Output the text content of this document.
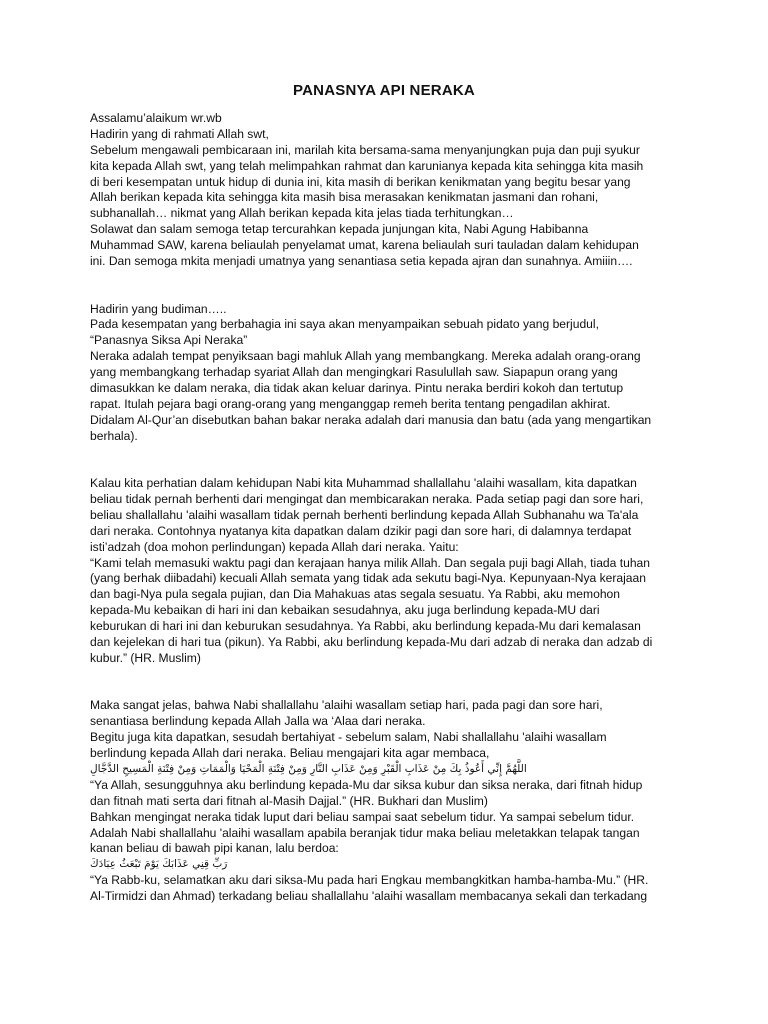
PANASNYA API NERAKA
Assalamu’alaikum wr.wb
Hadirin yang di rahmati Allah swt,
Sebelum mengawali pembicaraan ini, marilah kita bersama-sama menyanjungkan puja dan puji syukur
kita kepada Allah swt, yang telah melimpahkan rahmat dan karunianya kepada kita sehingga kita masih
di beri kesempatan untuk hidup di dunia ini, kita masih di berikan kenikmatan yang begitu besar yang
Allah berikan kepada kita sehingga kita masih bisa merasakan kenikmatan jasmani dan rohani,
subhanallah… nikmat yang Allah berikan kepada kita jelas tiada terhitungkan…
Solawat dan salam semoga tetap tercurahkan kepada junjungan kita, Nabi Agung Habibanna
Muhammad SAW, karena beliaulah penyelamat umat, karena beliaulah suri tauladan dalam kehidupan
ini. Dan semoga mkita menjadi umatnya yang senantiasa setia kepada ajran dan sunahnya. Amiiin….
Hadirin yang budiman…..
Pada kesempatan yang berbahagia ini saya akan menyampaikan sebuah pidato yang berjudul,
“Panasnya Siksa Api Neraka”
Neraka adalah tempat penyiksaan bagi mahluk Allah yang membangkang. Mereka adalah orang-orang
yang membangkang terhadap syariat Allah dan mengingkari Rasulullah saw. Siapapun orang yang
dimasukkan ke dalam neraka, dia tidak akan keluar darinya. Pintu neraka berdiri kokoh dan tertutup
rapat. Itulah pejara bagi orang-orang yang menganggap remeh berita tentang pengadilan akhirat.
Didalam Al-Qur’an disebutkan bahan bakar neraka adalah dari manusia dan batu (ada yang mengartikan
berhala).
Kalau kita perhatian dalam kehidupan Nabi kita Muhammad shallallahu 'alaihi wasallam, kita dapatkan
beliau tidak pernah berhenti dari mengingat dan membicarakan neraka. Pada setiap pagi dan sore hari,
beliau shallallahu 'alaihi wasallam tidak pernah berhenti berlindung kepada Allah Subhanahu wa Ta'ala
dari neraka. Contohnya nyatanya kita dapatkan dalam dzikir pagi dan sore hari, di dalamnya terdapat
isti’adzah (doa mohon perlindungan) kepada Allah dari neraka. Yaitu:
“Kami telah memasuki waktu pagi dan kerajaan hanya milik Allah. Dan segala puji bagi Allah, tiada tuhan
(yang berhak diibadahi) kecuali Allah semata yang tidak ada sekutu bagi-Nya. Kepunyaan-Nya kerajaan
dan bagi-Nya pula segala pujian, dan Dia Mahakuas atas segala sesuatu. Ya Rabbi, aku memohon
kepada-Mu kebaikan di hari ini dan kebaikan sesudahnya, aku juga berlindung kepada-MU dari
keburukan di hari ini dan keburukan sesudahnya. Ya Rabbi, aku berlindung kepada-Mu dari kemalasan
dan kejelekan di hari tua (pikun). Ya Rabbi, aku berlindung kepada-Mu dari adzab di neraka dan adzab di
kubur.” (HR. Muslim)
Maka sangat jelas, bahwa Nabi shallallahu 'alaihi wasallam setiap hari, pada pagi dan sore hari,
senantiasa berlindung kepada Allah Jalla wa ‘Alaa dari neraka.
Begitu juga kita dapatkan, sesudah bertahiyat - sebelum salam, Nabi shallallahu 'alaihi wasallam
berlindung kepada Allah dari neraka. Beliau mengajari kita agar membaca,
اللَّهُمَّ إِنِّي أَعُوذُ بِكَ مِنْ عَذَابِ الْقَبْرِ وَمِنْ عَذَابِ النَّارِ وَمِنْ فِتْنَةِ الْمَحْيَا وَالْمَمَاتِ وَمِنْ فِتْنَةِ الْمَسِيحِ الدَّجَّالِ
“Ya Allah, sesungguhnya aku berlindung kepada-Mu dar siksa kubur dan siksa neraka, dari fitnah hidup
dan fitnah mati serta dari fitnah al-Masih Dajjal.” (HR. Bukhari dan Muslim)
Bahkan mengingat neraka tidak luput dari beliau sampai saat sebelum tidur. Ya sampai sebelum tidur.
Adalah Nabi shallallahu 'alaihi wasallam apabila beranjak tidur maka beliau meletakkan telapak tangan
kanan beliau di bawah pipi kanan, lalu berdoa:
رَبِّ قِنِي عَذَابَكَ يَوْمَ تَبْعَثُ عِبَادَكَ
“Ya Rabb-ku, selamatkan aku dari siksa-Mu pada hari Engkau membangkitkan hamba-hamba-Mu.” (HR.
Al-Tirmidzi dan Ahmad) terkadang beliau shallallahu 'alaihi wasallam membacanya sekali dan terkadang
